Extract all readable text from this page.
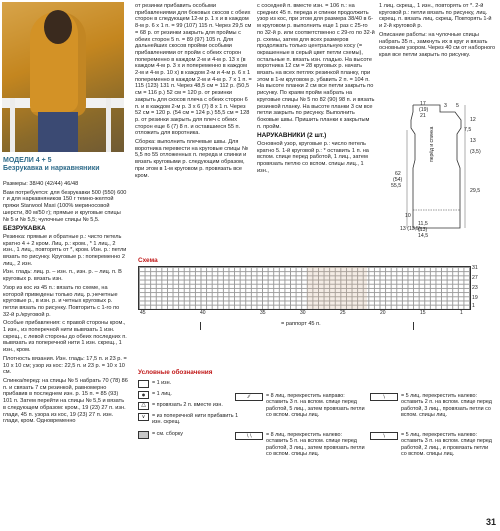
МОДЕЛИ 4 + 5
Безрукавка и наркавняники

Размеры: 38/40 (42/44) 46/48

Вам потребуется: для безрукавки 500 (550) 600 г и для наркавняников 150 г темно-желтой пряжи Starwool Maxi (100% мериносовой шерсти, 80 м/50 г); прямые и круговые спицы № 5 и № 5,5; чулочные спицы № 5,5.

БЕЗРУКАВКА

Резинка: прямые и обратные р.: чисто петель кратно 4 + 2 кром. Лиц. р.: кром., * 1 лиц., 2 изн., 1 лиц., повторять от *, кром. Изн. р.: петли вязать по рисунку. Круговые р.: попеременно 2 лиц., 2 изн.

Изн. гладь: лиц. р. – изн. п., изн. р. – лиц. п. В круговых р. вязать изн.

Узор из кос из 45 п.: вязать по схеме, на которой приведены только лиц. р.;нечетные круговые р., в изн. р. и четных круговых р. петли вязать по рисунку. Повторить с 1-го по 32-й р./круговой р.

Особые прибавления: с правой стороны кром., 1 изн., из поперечной нити вывязать 1 изн. скрещ., с левой стороны до обеих последних п. вывязать из поперечной нити 1 изн. скрещ., 1 изн., кром.

Плотность вязания. Изн. гладь: 17,5 п. и 23 р. = 10 x 10 см; узор из кос: 22,5 п. и 23 р. = 10 x 10 см.

Спинка/перед: на спицы № 5 набрать 70 (78) 86 п. и связать 7 см резинкой, равномерно прибавив в последнем изн. р. 15 п. = 85 (93) 101 п. Затем перейти на спицы № 5,5 и вязать в следующем образом: кром., 19 (23) 27 п. изн. глади, 45 п. узора из кос, 19 (23) 27 п. изн. глади, кром. Одновременно

от резинки прибавить особыми прибавлениями для боковых скосов с обеих сторон в следующем 12-м р. 1 x и в каждом 8-м р. 6 x 1 п. = 99 (107) 115 п. Через 29,5 см = 68 р. от резинки закрыть для проймы с обеих сторон 5 п. = 89 (97) 105 п. Для дальнейших скосов пройми особыми прибавлениями от пройм с обеих сторон попеременно в каждом 2-м и 4-м р. 13 x (в каждом 4-м р. 3 x и попеременно в каждом 2-м и 4-м р. 10 x) в каждом 2-м и 4-м р. 6 x 1 попеременно в каждом 2-м и 4-м р. 7 x 1 п. = 115 (123) 131 п. Через 48,5 см = 112 р. (50,5 см = 116 р.) 52 см = 120 р. от резинки закрыть для скосов плеча с обеих сторон 6 п. и в каждом 2-м р. 3 x 6 (7) 8 x 1 п. Через 52 см = 120 р. (54 см = 124 р.) 55,5 см = 128 р. от резинки закрыть для плеч с обеих сторон еще 6 (7) 8 п. и оставшиеся 55 п. отложить для воротника.

Сборка: выполнить плечевые швы. Для воротника перевести на круговые спицы № 5,5 по 55 отложенных п. переда и спинки и вязать круговыми р. следующим образом, при этом в 1-м круговом р. провязать все кром.

с соседней п. вместе изн. = 106 п.: на средних 45 п. переда и спинки продолжить узор из кос, при этом для размера 38/40 в 6-м круговом р. выполнить еще 1 раз с 25-го по 32-й р. или соответственно с 29-го по 32-й р. схемы, затем для всех размеров продолжать только центральную косу (= окрашенные в серый цвет петли схемы), остальные п. вязать изн. гладью. На высоте воротника 12 см = 28 круговых р. начать вязать на всех петлях резинкой планку, при этом в 1-м круговом р. убавить 2 п. = 104 п. На высоте планки 2 см все петли закрыть по рисунку. По краям пройм набрать на круговые спицы № 5 по 82 (90) 98 п. и вязать резинкой планку. На высоте планки 3 см все петли закрыть по рисунку. Выполнить боковые швы. Пришить планки к закрытым п. пройм.

НАРУКАВНИКИ (2 шт.)

Основной узор, круговые р.: число петель кратно 5. 1-й круговой р.: * оставить 1 п. на вспом. спице перед работой, 1 лиц., затем провязать петлю со вспом. спицы лиц., 1 изн.,

1 лиц. скрещ., 1 изн., повторять от *. 2-й круговой р.: петли вязать по рисунку, лиц. скрещ. п. вязать лиц. скрещ. Повторять 1-й и 2-й круговой р.

Описание работы: на чулочные спицы набрать 35 п., замкнуть их в круг и вязать основным узором. Через 40 см от наборного края все петли закрыть по рисунку.

перёд и спинка
17
(19)
21
3 5
12
7,5
13
62
(54)
55,5
29,5
10
11,5
(13)
14,5
(3,5)
13 (13,5)
Схема
31
27
23
19
1
45	40	35	30	25	20	15	1
= раппорт 45 п.
Условные обозначения
= 1 изн.
= 1 лиц.
△	= провязать 2 п. вместе изн.
∨	= из поперечной нити прибавить 1 изн. скрещ.
= см. сборку
∕∕	= 8 лиц. перекрестить направо: оставить 3 п. на вспом. спице перед работой, 5 лиц., затем провязать петли со вспом. спицы лиц.
∖∖	= 8 лиц. перекрестить налево: оставить 5 п. на вспом. спице перед работой, 3 лиц., затем провязать петли со вспом. спицы лиц.
∖	= 5 лиц. перекрестить налево: оставить 2 п. на вспом. спице перед работой, 3 лиц., провязать петли со вспом. спицы лиц.
∖	= 5 лиц. перекрестить налево: оставить 3 п. на вспом. спице перед работой, 2 лиц., и провязать петли со вспом. спицы лиц.
31
